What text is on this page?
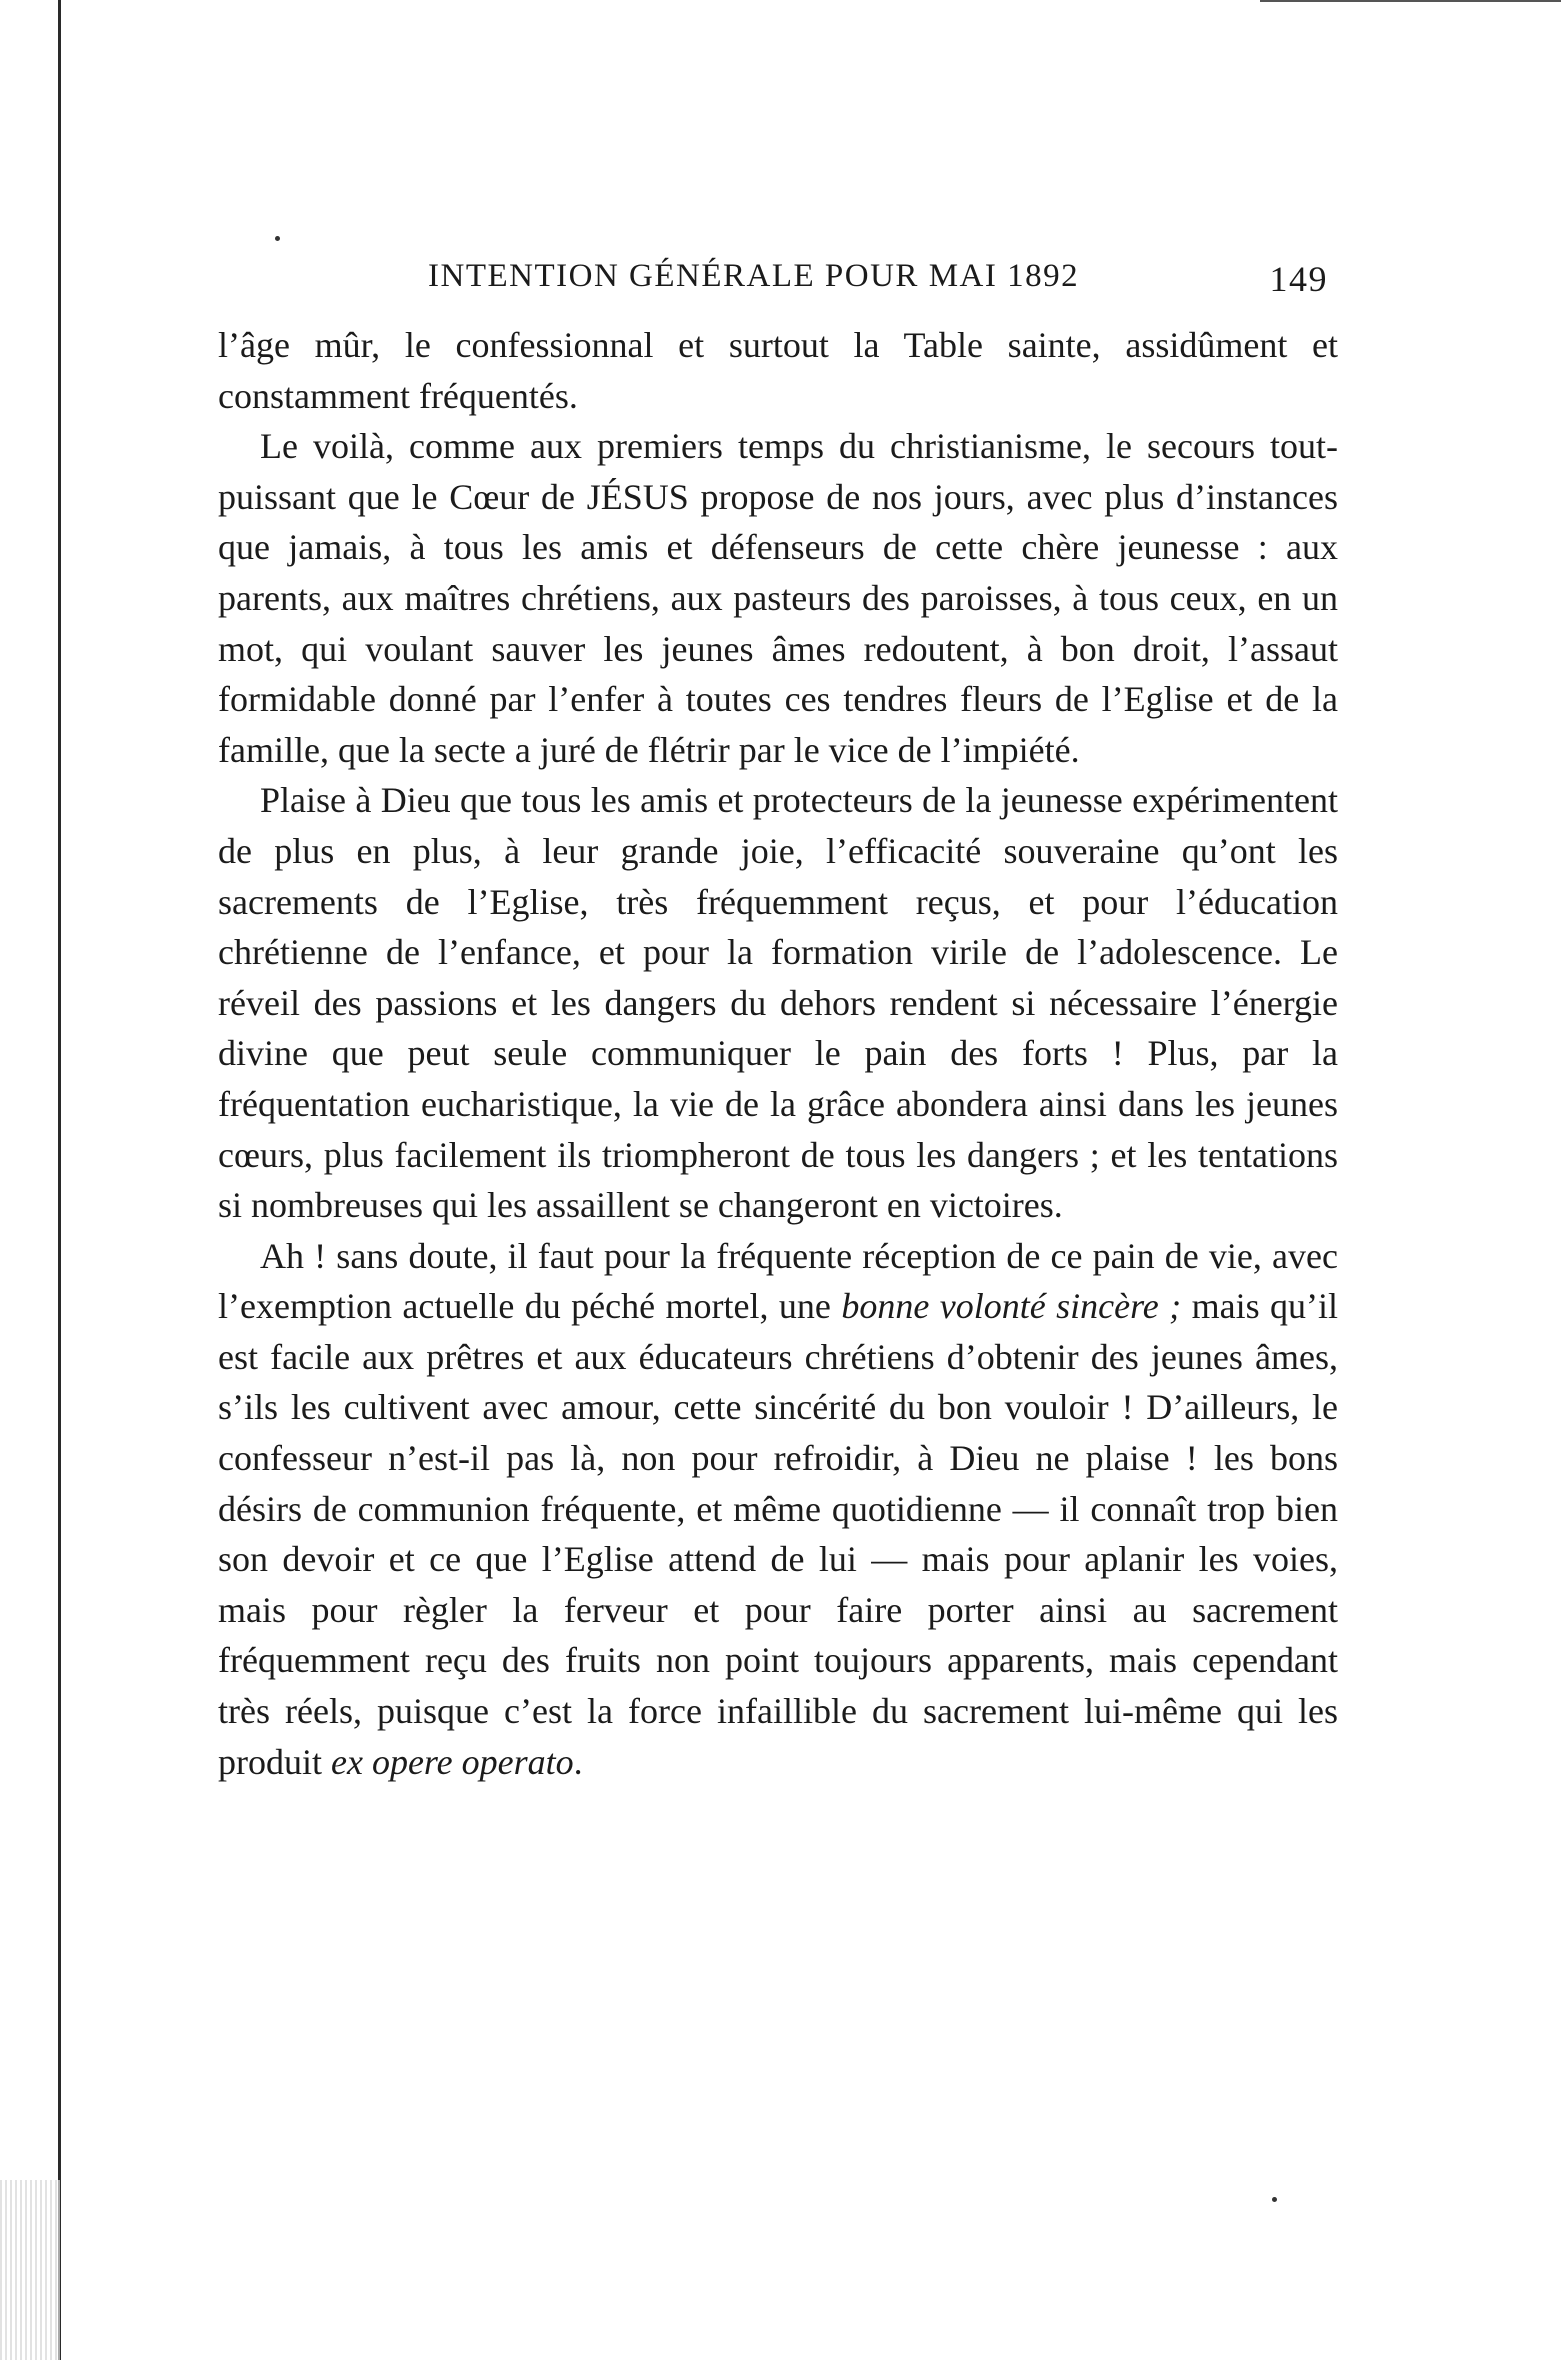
INTENTION GÉNÉRALE POUR MAI 1892	149

l’âge mûr, le confessionnal et surtout la Table sainte, assidûment et constamment fréquentés.

Le voilà, comme aux premiers temps du christianisme, le secours tout-puissant que le Cœur de JÉSUS propose de nos jours, avec plus d’instances que jamais, à tous les amis et défenseurs de cette chère jeunesse : aux parents, aux maîtres chrétiens, aux pasteurs des paroisses, à tous ceux, en un mot, qui voulant sauver les jeunes âmes redoutent, à bon droit, l’assaut formidable donné par l’enfer à toutes ces tendres fleurs de l’Eglise et de la famille, que la secte a juré de flétrir par le vice de l’impiété.

Plaise à Dieu que tous les amis et protecteurs de la jeunesse expérimentent de plus en plus, à leur grande joie, l’efficacité souveraine qu’ont les sacrements de l’Eglise, très fréquemment reçus, et pour l’éducation chrétienne de l’enfance, et pour la formation virile de l’adolescence. Le réveil des passions et les dangers du dehors rendent si nécessaire l’énergie divine que peut seule communiquer le pain des forts ! Plus, par la fréquentation eucharistique, la vie de la grâce abondera ainsi dans les jeunes cœurs, plus facilement ils triompheront de tous les dangers ; et les tentations si nombreuses qui les assaillent se changeront en victoires.

Ah ! sans doute, il faut pour la fréquente réception de ce pain de vie, avec l’exemption actuelle du péché mortel, une bonne volonté sincère ; mais qu’il est facile aux prêtres et aux éducateurs chrétiens d’obtenir des jeunes âmes, s’ils les cultivent avec amour, cette sincérité du bon vouloir ! D’ailleurs, le confesseur n’est-il pas là, non pour refroidir, à Dieu ne plaise ! les bons désirs de communion fréquente, et même quotidienne — il connaît trop bien son devoir et ce que l’Eglise attend de lui — mais pour aplanir les voies, mais pour règler la ferveur et pour faire porter ainsi au sacrement fréquemment reçu des fruits non point toujours apparents, mais cependant très réels, puisque c’est la force infaillible du sacrement lui-même qui les produit ex opere operato.
